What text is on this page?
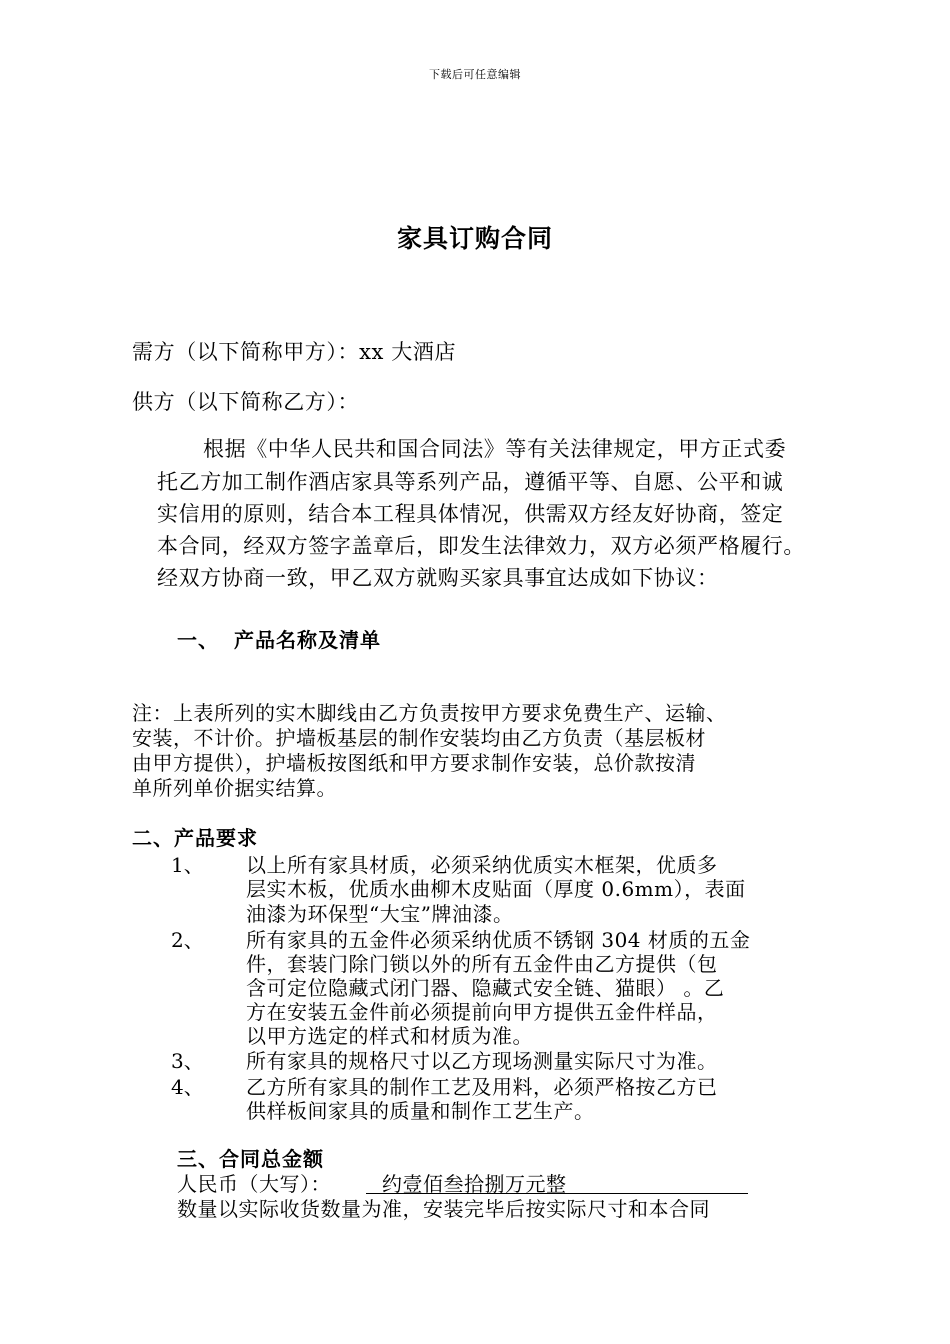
下载后可任意编辑
家具订购合同
需方（以下简称甲方）：xx 大酒店
供方（以下简称乙方）：
根据《中华人民共和国合同法》等有关法律规定，甲方正式委
托乙方加工制作酒店家具等系列产品，遵循平等、自愿、公平和诚
实信用的原则，结合本工程具体情况，供需双方经友好协商，签定
本合同，经双方签字盖章后，即发生法律效力，双方必须严格履行。
经双方协商一致，甲乙双方就购买家具事宜达成如下协议：
一、 产品名称及清单
注：上表所列的实木脚线由乙方负责按甲方要求免费生产、运输、
安装，不计价。护墙板基层的制作安装均由乙方负责（基层板材
由甲方提供），护墙板按图纸和甲方要求制作安装，总价款按清
单所列单价据实结算。
二、产品要求
1、 以上所有家具材质，必须采纳优质实木框架，优质多
层实木板，优质水曲柳木皮贴面（厚度 0.6mm），表面
油漆为环保型“大宝”牌油漆。
2、 所有家具的五金件必须采纳优质不锈钢 304 材质的五金
件，套装门除门锁以外的所有五金件由乙方提供（包
含可定位隐藏式闭门器、隐藏式安全链、猫眼） 。乙
方在安装五金件前必须提前向甲方提供五金件样品，
以甲方选定的样式和材质为准。
3、 所有家具的规格尺寸以乙方现场测量实际尺寸为准。
4、 乙方所有家具的制作工艺及用料，必须严格按乙方已
供样板间家具的质量和制作工艺生产。
三、合同总金额
人民币（大写）：	约壹佰叁拾捌万元整
数量以实际收货数量为准，安装完毕后按实际尺寸和本合同
